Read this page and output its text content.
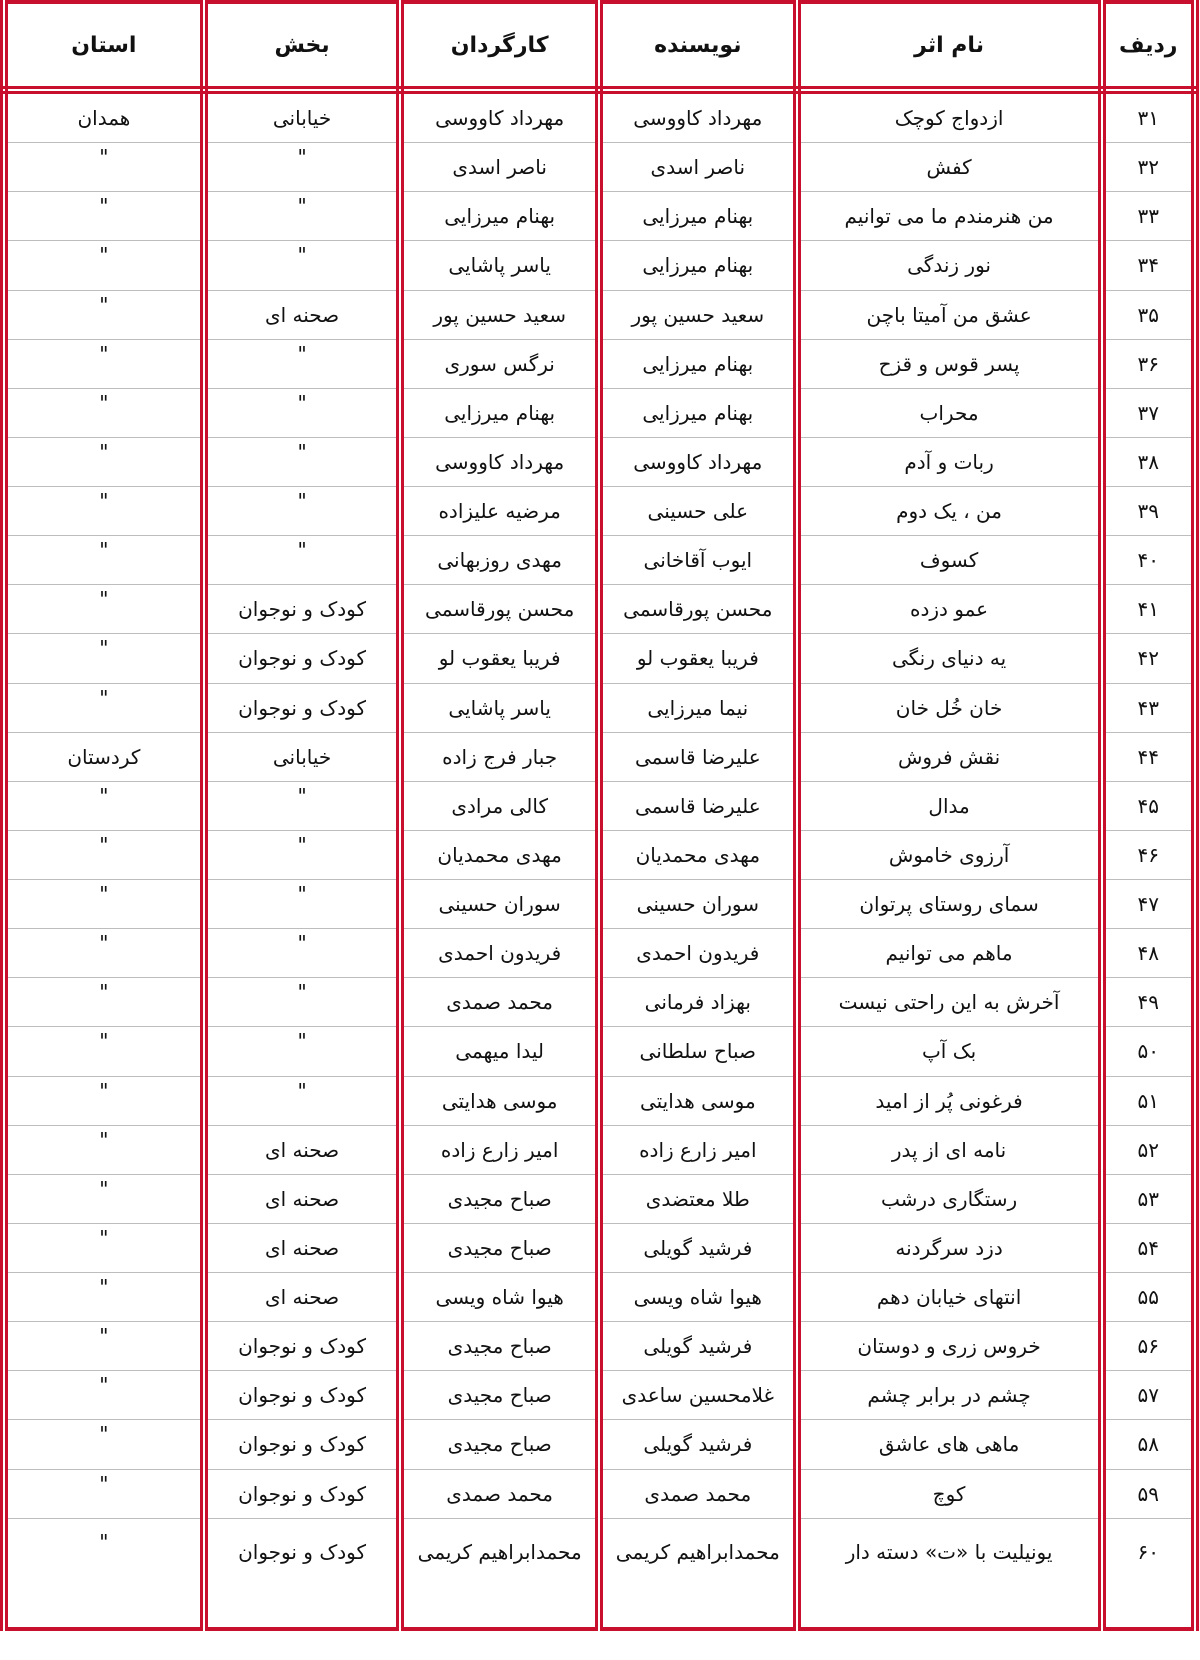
ردیف	نام اثر	نویسنده	کارگردان	بخش	استان
۳۱	ازدواج کوچک	مهرداد کاووسی	مهرداد کاووسی	خیابانی	همدان
۳۲	کفش	ناصر اسدی	ناصر اسدی	"	"
۳۳	من هنرمندم ما می توانیم	بهنام میرزایی	بهنام میرزایی	"	"
۳۴	نور زندگی	بهنام میرزایی	یاسر پاشایی	"	"
۳۵	عشق من آمیتا باچن	سعید حسین پور	سعید حسین پور	صحنه ای	"
۳۶	پسر قوس و قزح	بهنام میرزایی	نرگس سوری	"	"
۳۷	محراب	بهنام میرزایی	بهنام میرزایی	"	"
۳۸	ربات و آدم	مهرداد کاووسی	مهرداد کاووسی	"	"
۳۹	من ، یک دوم	علی حسینی	مرضیه علیزاده	"	"
۴۰	کسوف	ایوب آقاخانی	مهدی روزبهانی	"	"
۴۱	عمو دزده	محسن پورقاسمی	محسن پورقاسمی	کودک و نوجوان	"
۴۲	یه دنیای رنگی	فریبا یعقوب لو	فریبا یعقوب لو	کودک و نوجوان	"
۴۳	خان خُل خان	نیما میرزایی	یاسر پاشایی	کودک و نوجوان	"
۴۴	نقش فروش	علیرضا قاسمی	جبار فرج زاده	خیابانی	کردستان
۴۵	مدال	علیرضا قاسمی	کالی مرادی	"	"
۴۶	آرزوی خاموش	مهدی محمدیان	مهدی محمدیان	"	"
۴۷	سمای روستای پرتوان	سوران حسینی	سوران حسینی	"	"
۴۸	ماهم می توانیم	فریدون احمدی	فریدون احمدی	"	"
۴۹	آخرش به این راحتی نیست	بهزاد فرمانی	محمد صمدی	"	"
۵۰	بک آپ	صباح سلطانی	لیدا میهمی	"	"
۵۱	فرغونی پُر از امید	موسی هدایتی	موسی هدایتی	"	"
۵۲	نامه ای از پدر	امیر زارع زاده	امیر زارع زاده	صحنه ای	"
۵۳	رستگاری درشب	طلا معتضدی	صباح مجیدی	صحنه ای	"
۵۴	دزد سرگردنه	فرشید گویلی	صباح مجیدی	صحنه ای	"
۵۵	انتهای خیابان دهم	هیوا شاه ویسی	هیوا شاه ویسی	صحنه ای	"
۵۶	خروس زری و دوستان	فرشید گویلی	صباح مجیدی	کودک و نوجوان	"
۵۷	چشم در برابر چشم	غلامحسین ساعدی	صباح مجیدی	کودک و نوجوان	"
۵۸	ماهی های عاشق	فرشید گویلی	صباح مجیدی	کودک و نوجوان	"
۵۹	کوچ	محمد صمدی	محمد صمدی	کودک و نوجوان	"
۶۰	یونیلیت با «ت» دسته دار	محمدابراهیم کریمی	محمدابراهیم کریمی	کودک و نوجوان	"
